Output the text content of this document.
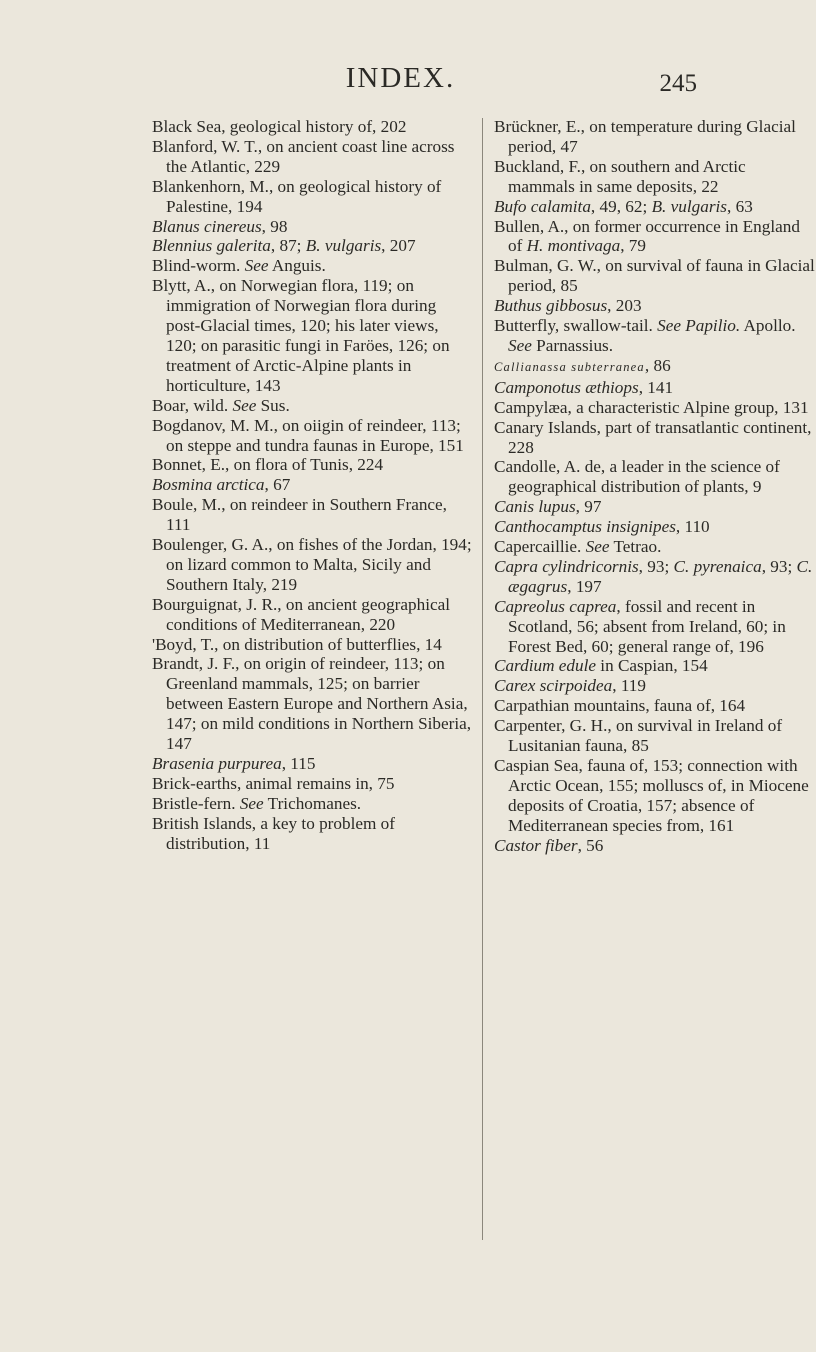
INDEX.	245

Black Sea, geological history of, 202

Blanford, W. T., on ancient coast line across the Atlantic, 229

Blankenhorn, M., on geological history of Palestine, 194

Blanus cinereus, 98

Blennius galerita, 87; B. vulgaris, 207

Blind-worm. See Anguis.

Blytt, A., on Norwegian flora, 119; on immigration of Norwegian flora during post-Glacial times, 120; his later views, 120; on parasitic fungi in Faröes, 126; on treatment of Arctic-Alpine plants in horticulture, 143

Boar, wild. See Sus.

Bogdanov, M. M., on oiigin of reindeer, 113; on steppe and tundra faunas in Europe, 151

Bonnet, E., on flora of Tunis, 224

Bosmina arctica, 67

Boule, M., on reindeer in Southern France, 111

Boulenger, G. A., on fishes of the Jordan, 194; on lizard common to Malta, Sicily and Southern Italy, 219

Bourguignat, J. R., on ancient geographical conditions of Mediterranean, 220

'Boyd, T., on distribution of butterflies, 14

Brandt, J. F., on origin of reindeer, 113; on Greenland mammals, 125; on barrier between Eastern Europe and Northern Asia, 147; on mild conditions in Northern Siberia, 147

Brasenia purpurea, 115

Brick-earths, animal remains in, 75

Bristle-fern. See Trichomanes.

British Islands, a key to problem of distribution, 11

Brückner, E., on temperature during Glacial period, 47

Buckland, F., on southern and Arctic mammals in same deposits, 22

Bufo calamita, 49, 62; B. vulgaris, 63

Bullen, A., on former occurrence in England of H. montivaga, 79

Bulman, G. W., on survival of fauna in Glacial period, 85

Buthus gibbosus, 203

Butterfly, swallow-tail. See Papilio. Apollo. See Parnassius.

Callianassa subterranea, 86

Camponotus æthiops, 141

Campylæa, a characteristic Alpine group, 131

Canary Islands, part of transatlantic continent, 228

Candolle, A. de, a leader in the science of geographical distribution of plants, 9

Canis lupus, 97

Canthocamptus insignipes, 110

Capercaillie. See Tetrao.

Capra cylindricornis, 93; C. pyrenaica, 93; C. ægagrus, 197

Capreolus caprea, fossil and recent in Scotland, 56; absent from Ireland, 60; in Forest Bed, 60; general range of, 196

Cardium edule in Caspian, 154

Carex scirpoidea, 119

Carpathian mountains, fauna of, 164

Carpenter, G. H., on survival in Ireland of Lusitanian fauna, 85

Caspian Sea, fauna of, 153; connection with Arctic Ocean, 155; molluscs of, in Miocene deposits of Croatia, 157; absence of Mediterranean species from, 161

Castor fiber, 56
